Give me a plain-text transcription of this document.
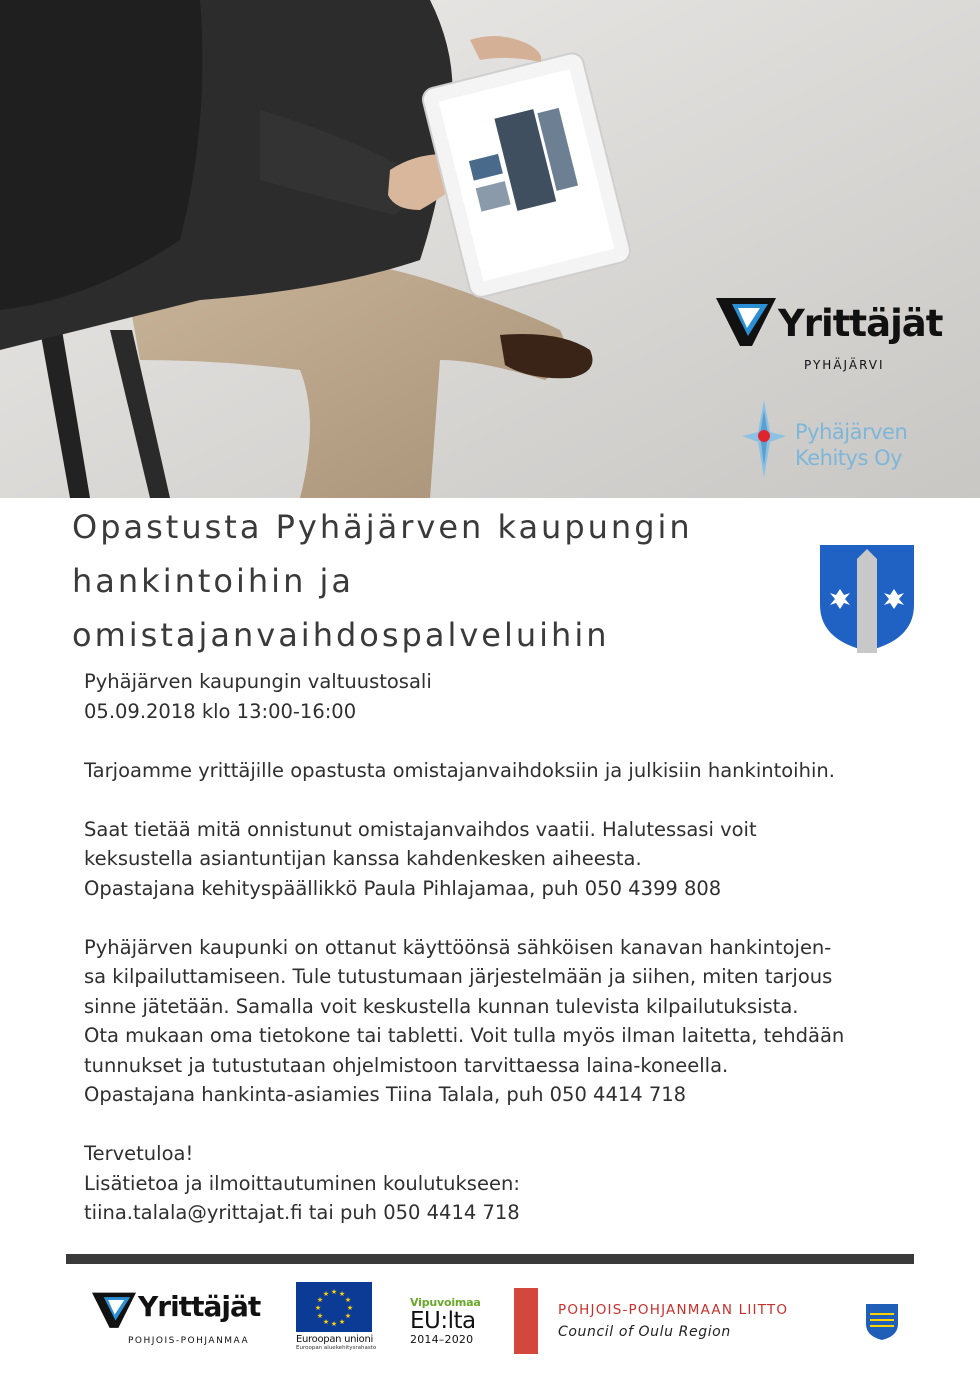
Yrittäjät
PYHÄJÄRVI
Pyhäjärven
Kehitys Oy
Opastusta Pyhäjärven kaupungin
hankintoihin ja
omistajanvaihdospalveluihin

Pyhäjärven kaupungin valtuustosali

05.09.2018 klo 13:00-16:00

Tarjoamme yrittäjille opastusta omistajanvaihdoksiin ja julkisiin hankintoihin.

Saat tietää mitä onnistunut omistajanvaihdos vaatii. Halutessasi voit

keksustella asiantuntijan kanssa kahdenkesken aiheesta.

Opastajana kehityspäällikkö Paula Pihlajamaa, puh 050 4399 808

Pyhäjärven kaupunki on ottanut käyttöönsä sähköisen kanavan hankintojen-

sa kilpailuttamiseen. Tule tutustumaan järjestelmään ja siihen, miten tarjous

sinne jätetään. Samalla voit keskustella kunnan tulevista kilpailutuksista.

Ota mukaan oma tietokone tai tabletti. Voit tulla myös ilman laitetta, tehdään

tunnukset ja tutustutaan ohjelmistoon tarvittaessa laina-koneella.

Opastajana hankinta-asiamies Tiina Talala, puh 050 4414 718

Tervetuloa!

Lisätietoa ja ilmoittautuminen koulutukseen:

tiina.talala@yrittajat.fi tai puh 050 4414 718

Yrittäjät
POHJOIS-POHJANMAA
★ ★
★
★
★
★
★
★
★
★
★
★
Euroopan unioni
Euroopan aluekehitysrahasto
Vipuvoimaa
EU:lta
2014–2020
POHJOIS-POHJANMAAN LIITTO
Council of Oulu Region
